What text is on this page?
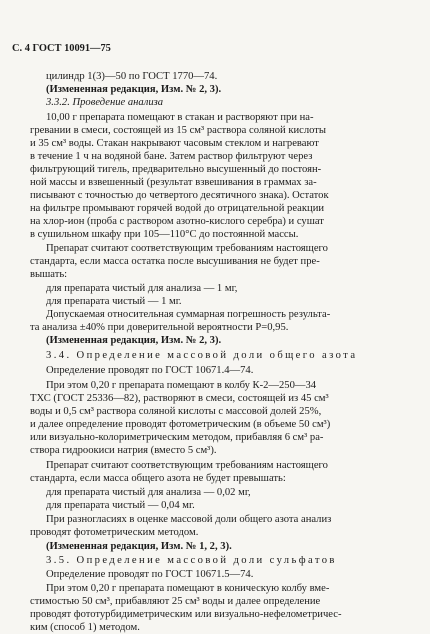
С. 4 ГОСТ 10091—75
цилиндр 1(3)—50 по ГОСТ 1770—74.
(Измененная редакция, Изм. № 2, 3).
3.3.2. Проведение анализа
10,00 г препарата помещают в стакан и растворяют при на-
гревании в смеси, состоящей из 15 см³ раствора соляной кислоты
и 35 см³ воды. Стакан накрывают часовым стеклом и нагревают
в течение 1 ч на водяной бане. Затем раствор фильтруют через
фильтрующий тигель, предварительно высушенный до постоян-
ной массы и взвешенный (результат взвешивания в граммах за-
писывают с точностью до четвертого десятичного знака). Остаток
на фильтре промывают горячей водой до отрицательной реакции
на хлор-ион (проба с раствором азотно-кислого серебра) и сушат
в сушильном шкафу при 105—110°С до постоянной массы.
Препарат считают соответствующим требованиям настоящего
стандарта, если масса остатка после высушивания не будет пре-
вышать:
для препарата чистый для анализа — 1 мг,
для препарата чистый — 1 мг.
Допускаемая относительная суммарная погрешность результа-
та анализа ±40% при доверительной вероятности P=0,95.
(Измененная редакция, Изм. № 2, 3).
3.4. Определение массовой доли общего азота
Определение проводят по ГОСТ 10671.4—74.
При этом 0,20 г препарата помещают в колбу К-2—250—34
ТХС (ГОСТ 25336—82), растворяют в смеси, состоящей из 45 см³
воды и 0,5 см³ раствора соляной кислоты с массовой долей 25%,
и далее определение проводят фотометрическим (в объеме 50 см³)
или визуально-колориметрическим методом, прибавляя 6 см³ ра-
створа гидроокиси натрия (вместо 5 см³).
Препарат считают соответствующим требованиям настоящего
стандарта, если масса общего азота не будет превышать:
для препарата чистый для анализа — 0,02 мг,
для препарата чистый — 0,04 мг.
При разногласиях в оценке массовой доли общего азота анализ
проводят фотометрическим методом.
(Измененная редакция, Изм. № 1, 2, 3).
3.5. Определение массовой доли сульфатов
Определение проводят по ГОСТ 10671.5—74.
При этом 0,20 г препарата помещают в коническую колбу вме-
стимостью 50 см³, прибавляют 25 см³ воды и далее определение
проводят фототурбидиметрическим или визуально-нефелометричес-
ким (способ 1) методом.
